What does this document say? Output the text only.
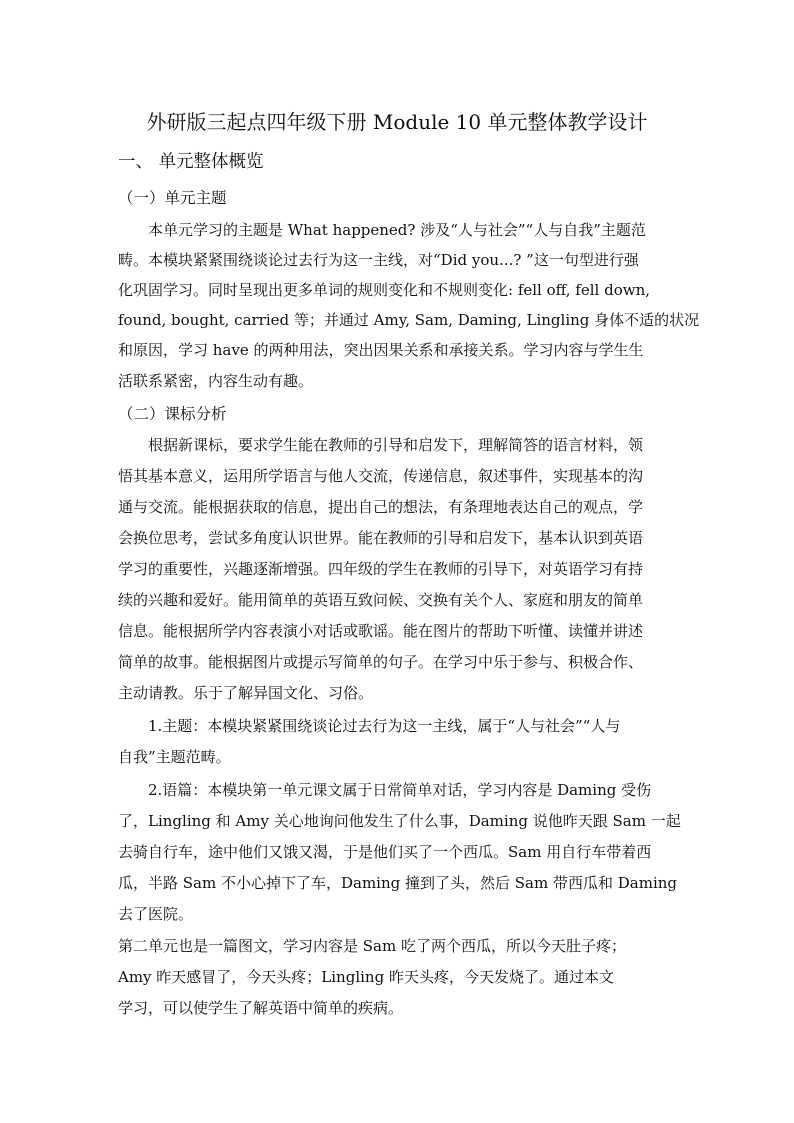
外研版三起点四年级下册 Module 10 单元整体教学设计
一、 单元整体概览
（一）单元主题
本单元学习的主题是 What happened? 涉及“人与社会”“人与自我”主题范
畴。本模块紧紧围绕谈论过去行为这一主线，对“Did you...? ”这一句型进行强
化巩固学习。同时呈现出更多单词的规则变化和不规则变化: fell off, fell down,
found, bought, carried 等；并通过 Amy, Sam, Daming, Lingling 身体不适的状况
和原因，学习 have 的两种用法，突出因果关系和承接关系。学习内容与学生生
活联系紧密，内容生动有趣。
（二）课标分析
根据新课标，要求学生能在教师的引导和启发下，理解简答的语言材料，领
悟其基本意义，运用所学语言与他人交流，传递信息，叙述事件，实现基本的沟
通与交流。能根据获取的信息，提出自己的想法，有条理地表达自己的观点，学
会换位思考，尝试多角度认识世界。能在教师的引导和启发下，基本认识到英语
学习的重要性，兴趣逐渐增强。四年级的学生在教师的引导下，对英语学习有持
续的兴趣和爱好。能用简单的英语互致问候、交换有关个人、家庭和朋友的简单
信息。能根据所学内容表演小对话或歌谣。能在图片的帮助下听懂、读懂并讲述
简单的故事。能根据图片或提示写简单的句子。在学习中乐于参与、积极合作、
主动请教。乐于了解异国文化、习俗。
1.主题：本模块紧紧围绕谈论过去行为这一主线，属于“人与社会”“人与
自我”主题范畴。
2.语篇：本模块第一单元课文属于日常简单对话，学习内容是 Daming 受伤
了，Lingling 和 Amy 关心地询问他发生了什么事，Daming 说他昨天跟 Sam 一起
去骑自行车，途中他们又饿又渴，于是他们买了一个西瓜。Sam 用自行车带着西
瓜，半路 Sam 不小心掉下了车，Daming 撞到了头，然后 Sam 带西瓜和 Daming
去了医院。
第二单元也是一篇图文，学习内容是 Sam 吃了两个西瓜，所以今天肚子疼；
Amy 昨天感冒了，今天头疼；Lingling 昨天头疼，今天发烧了。通过本文
学习，可以使学生了解英语中简单的疾病。
